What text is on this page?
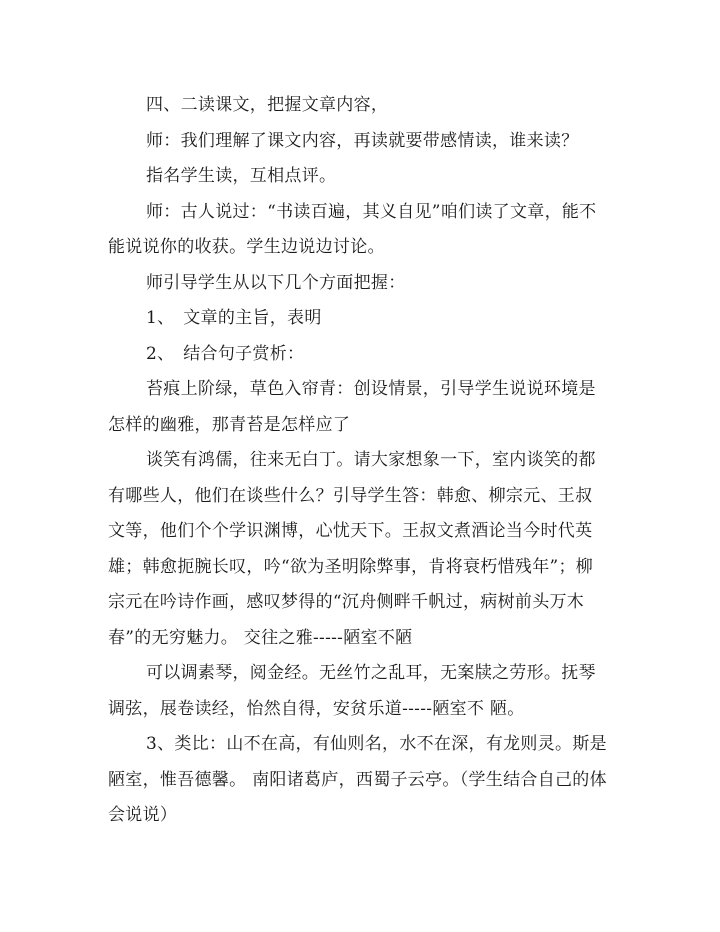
四、二读课文，把握文章内容，

师：我们理解了课文内容，再读就要带感情读，谁来读？

指名学生读，互相点评。

师：古人说过：“书读百遍，其义自见”咱们读了文章，能不能说说你的收获。学生边说边讨论。

师引导学生从以下几个方面把握：

1、　文章的主旨，表明

2、　结合句子赏析：

苔痕上阶绿，草色入帘青：创设情景，引导学生说说环境是怎样的幽雅，那青苔是怎样应了

谈笑有鸿儒，往来无白丁。请大家想象一下，室内谈笑的都有哪些人，他们在谈些什么？引导学生答：韩愈、柳宗元、王叔文等，他们个个学识渊博，心忧天下。王叔文煮酒论当今时代英雄；韩愈扼腕长叹，吟“欲为圣明除弊事，肯将衰朽惜残年”；柳宗元在吟诗作画，感叹梦得的“沉舟侧畔千帆过，病树前头万木春”的无穷魅力。 交往之雅-----陋室不陋

可以调素琴，阅金经。无丝竹之乱耳，无案牍之劳形。抚琴调弦，展卷读经，怡然自得，安贫乐道-----陋室不 陋。

3、类比：山不在高，有仙则名，水不在深，有龙则灵。斯是陋室，惟吾德馨。 南阳诸葛庐，西蜀子云亭。（学生结合自己的体会说说）
